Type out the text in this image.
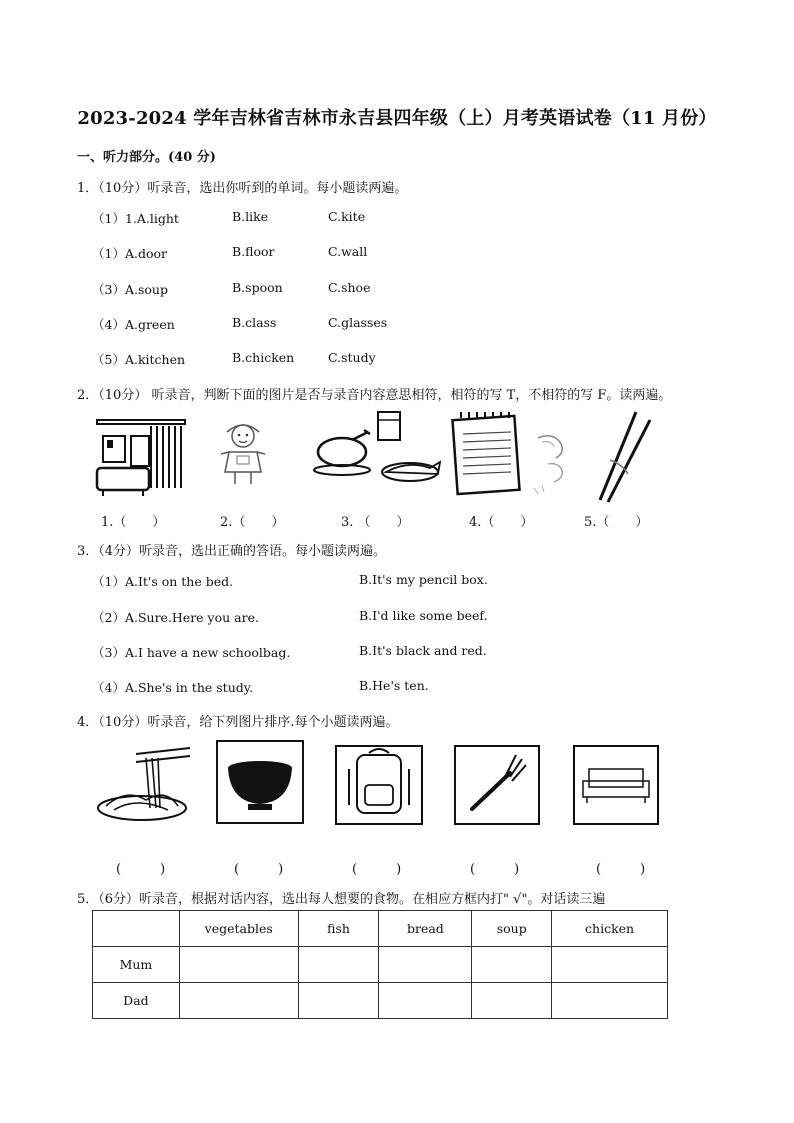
2023-2024 学年吉林省吉林市永吉县四年级（上）月考英语试卷（11 月份）
一、听力部分。(40 分)
1．（10分）听录音，选出你听到的单词。每小题读两遍。
（1）1.A.light	B.like	C.kite
（1）A.door	B.floor	C.wall
（3）A.soup	B.spoon	C.shoe
（4）A.green	B.class	C.glasses
（5）A.kitchen	B.chicken	C.study
2．（10分） 听录音，判断下面的图片是否与录音内容意思相符，相符的写 T，不相符的写 F。读两遍。
1.（　　）	2.（　　）	3. （　　）	4.（　　）	5.（　　）
3．（4分）听录音，选出正确的答语。每小题读两遍。
（1）A.It's on the bed.	B.It's my pencil box.
（2）A.Sure.Here you are.	B.I'd like some beef.
（3）A.I have a new schoolbag.	B.It's black and red.
（4）A.She's in the study.	B.He's ten.
4．（10分）听录音，给下列图片排序.每个小题读两遍。
(　　　)	(　　　)	(　　　)	(　　　)	(　　　)
5．（6分）听录音，根据对话内容，选出每人想要的食物。在相应方框内打" √"。对话读三遍
	vegetables	fish	bread	soup	chicken
Mum					
Dad					
